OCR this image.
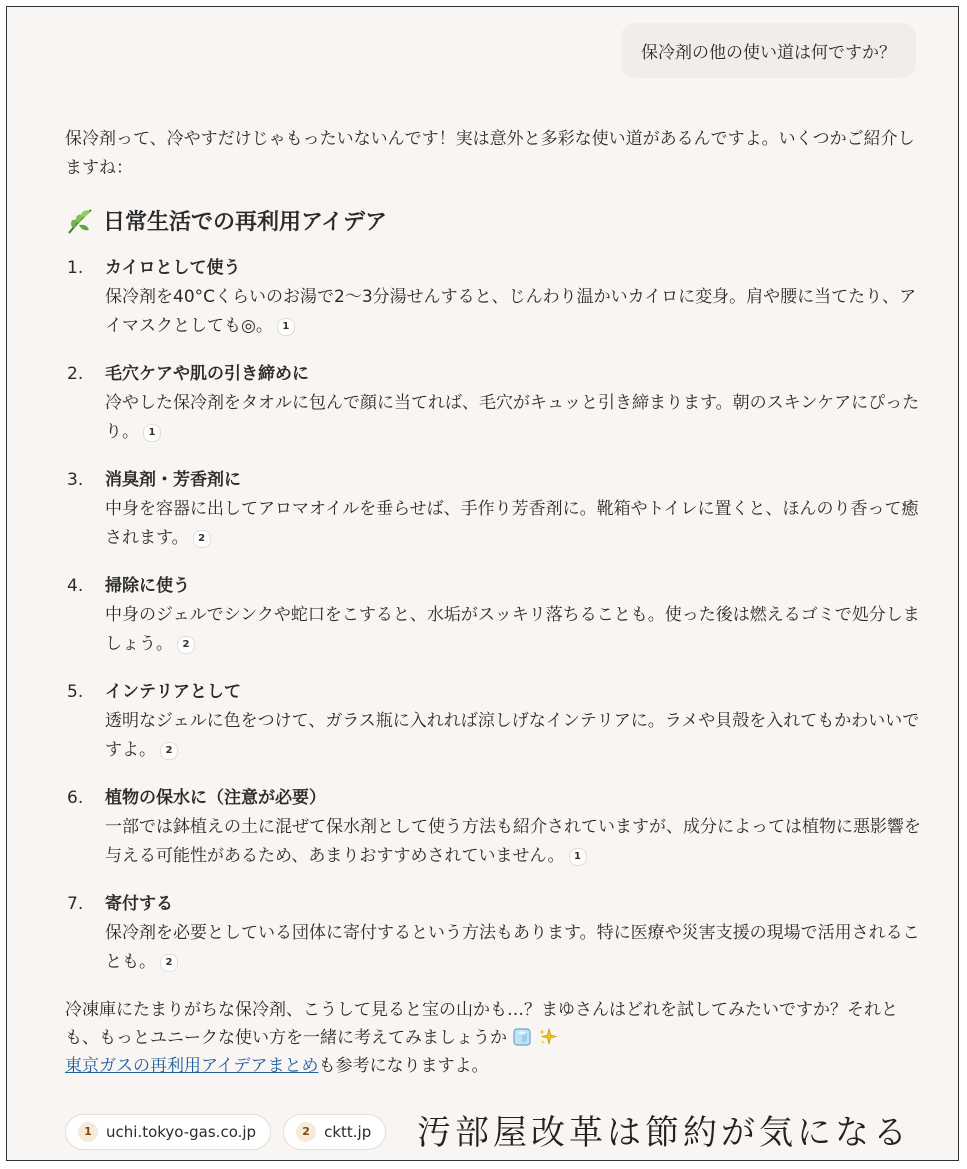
保冷剤の他の使い道は何ですか？

保冷剤って、冷やすだけじゃもったいないんです！実は意外と多彩な使い道があるんですよ。いくつかご紹介しますね：

日常生活での再利用アイデア
1.	カイロとして使う
保冷剤を40°Cくらいのお湯で2〜3分湯せんすると、じんわり温かいカイロに変身。肩や腰に当てたり、アイマスクとしても◎。 1
2.	毛穴ケアや肌の引き締めに
冷やした保冷剤をタオルに包んで顔に当てれば、毛穴がキュッと引き締まります。朝のスキンケアにぴったり。 1
3.	消臭剤・芳香剤に
中身を容器に出してアロマオイルを垂らせば、手作り芳香剤に。靴箱やトイレに置くと、ほんのり香って癒されます。 2
4.	掃除に使う
中身のジェルでシンクや蛇口をこすると、水垢がスッキリ落ちることも。使った後は燃えるゴミで処分しましょう。 2
5.	インテリアとして
透明なジェルに色をつけて、ガラス瓶に入れれば涼しげなインテリアに。ラメや貝殻を入れてもかわいいですよ。 2
6.	植物の保水に（注意が必要）
一部では鉢植えの土に混ぜて保水剤として使う方法も紹介されていますが、成分によっては植物に悪影響を与える可能性があるため、あまりおすすめされていません。 1
7.	寄付する
保冷剤を必要としている団体に寄付するという方法もあります。特に医療や災害支援の現場で活用されることも。 2
冷凍庫にたまりがちな保冷剤、こうして見ると宝の山かも…？まゆさんはどれを試してみたいですか？それとも、もっとユニークな使い方を一緒に考えてみましょうか
東京ガスの再利用アイデアまとめも参考になりますよ。
1 uchi.tokyo-gas.co.jp	2 cktt.jp 汚部屋改革は節約が気になる
